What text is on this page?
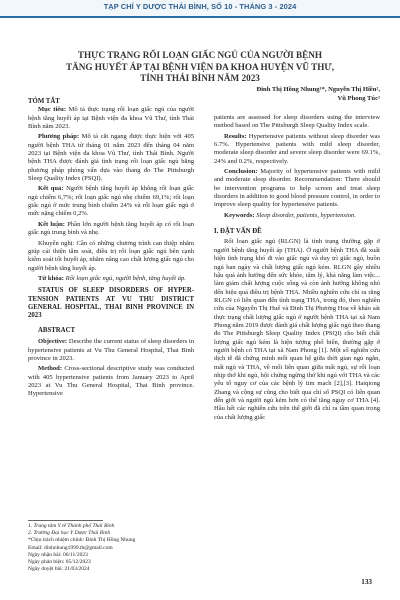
TẠP CHÍ Y DƯỢC THÁI BÌNH, SỐ 10 - THÁNG 3 - 2024
THỰC TRẠNG RỐI LOẠN GIẤC NGỦ CỦA NGƯỜI BỆNH
TĂNG HUYẾT ÁP TẠI BỆNH VIỆN ĐA KHOA HUYỆN VŨ THƯ,
TỈNH THÁI BÌNH NĂM 2023
Đinh Thị Hồng Nhung¹*, Nguyễn Thị Hiền²,
Vũ Phong Túc²

TÓM TẮT

Mục tiêu: Mô tả thực trạng rối loạn giấc ngủ của người bệnh tăng huyết áp tại Bệnh viện đa khoa Vũ Thư, tỉnh Thái Bình năm 2023.

Phương pháp: Mô tả cắt ngang được thực hiện với 405 người bệnh THA từ tháng 01 năm 2023 đến tháng 04 năm 2023 tại Bệnh viện đa khoa Vũ Thư, tỉnh Thái Bình. Người bệnh THA được đánh giá tình trạng rối loạn giấc ngủ bằng phương pháp phỏng vấn dựa vào thang đo The Pittsburgh Sleep Quality Index (PSQI).

Kết quả: Người bệnh tăng huyết áp không rối loạn giấc ngủ chiếm 6,7%; rối loạn giấc ngủ nhẹ chiếm 69,1%; rối loạn giấc ngủ ở mức trung bình chiếm 24% và rối loạn giấc ngủ ở mức nặng chiếm 0,2%.

Kết luận: Phần lớn người bệnh tăng huyết áp có rối loạn giấc ngủ trung bình và nhẹ.

Khuyến nghị: Cần có những chương trình can thiệp nhằm giúp cải thiện tâm soát, điều trị rối loạn giấc ngủ bên cạnh kiểm soát tốt huyết áp, nhằm nâng cao chất lượng giấc ngủ cho người bệnh tăng huyết áp.

Từ khóa: Rối loạn giấc ngủ, người bệnh, tăng huyết áp.

STATUS OF SLEEP DISORDERS OF HYPER-TENSION PATIENTS AT VU THU DISTRICT GENERAL HOSPITAL, THAI BINH PROVINCE IN 2023

ABSTRACT

Objective: Describe the current status of sleep disorders in hypertensive patients at Vu Thu General Hospital, Thai Binh province in 2023.

Method: Cross-sectional descriptive study was conducted with 405 hypertensive patients from January 2023 to April 2023 at Vu Thu General Hospital, Thai Binh province. Hypertensive

patients are assessed for sleep disorders using the interview method based on The Pittsburgh Sleep Quality Index scale.

Results: Hypertensive patients without sleep disorder was 6.7%. Hypertensive patients with mild sleep disorder, moderate sleep disorder and severe sleep disorder were 69.1%, 24% and 0.2%, respectively.

Conclusion: Majority of hypertensive patients with mild and moderate sleep disorder. Recommendation: There should be intervention programs to help screen and treat sleep disorders in addition to good blood pressure control, in order to improve sleep quality for hypertensive patients.

Keywords: Sleep disorder, patients, hypertension.

I. ĐẶT VẤN ĐỀ

Rối loạn giấc ngủ (RLGN) là tình trạng thường gặp ở người bệnh tăng huyết áp (THA). Ở người bệnh THA đã xuất hiện tình trạng khó đi vào giấc ngủ và duy trì giấc ngủ, buồn ngủ ban ngày và chất lượng giấc ngủ kém. RLGN gây nhiều hậu quả ảnh hưởng đến sức khỏe, tâm lý, khả năng làm việc... làm giảm chất lượng cuộc sống và còn ảnh hưởng không nhỏ đến hiệu quả điều trị bệnh THA. Nhiều nghiên cứu chỉ ra rằng RLGN có liên quan đến tình trạng THA, trong đó, theo nghiên cứu của Nguyễn Thị Huế và Đinh Thị Phương Hoa về khảo sát thực trạng chất lượng giấc ngủ ở người bệnh THA tại xã Nam Phong năm 2019 được đánh giá chất lượng giấc ngủ theo thang đo The Pittsburgh Sleep Quality Index (PSQI) cho biết chất lượng giấc ngủ kém là hiện tượng phổ biến, thường gặp ở người bệnh có THA tại xã Nam Phong [1]. Một số nghiên cứu dịch tễ đã chứng minh mối quan hệ giữa thời gian ngủ ngắn, mất ngủ và THA, về mối liên quan giữa mất ngủ, sự rối loạn nhịp thở khi ngủ, hội chứng ngừng thở khi ngủ với THA và các yếu tố nguy cơ của các bệnh lý tim mạch [2],[3]. Haiqiong Zhang và cộng sự cũng cho biết qua chỉ số PSQI có liên quan đến giới và người ngủ kém hơn có thể tăng nguy cơ THA [4]. Hầu hết các nghiên cứu trên thế giới đã chỉ ra tầm quan trọng của chất lượng giấc

1. Trung tâm Y tế Thành phố Thái Bình
2. Trường Đại học Y Dược Thái Bình
*Chịu trách nhiệm chính: Đinh Thị Hồng Nhung
Email: dinhnhung1999.tb@gmail.com
Ngày nhận bài: 06/11/2023
Ngày phản biện: 05/12/2023
Ngày duyệt bài: 21/03/2024
133
